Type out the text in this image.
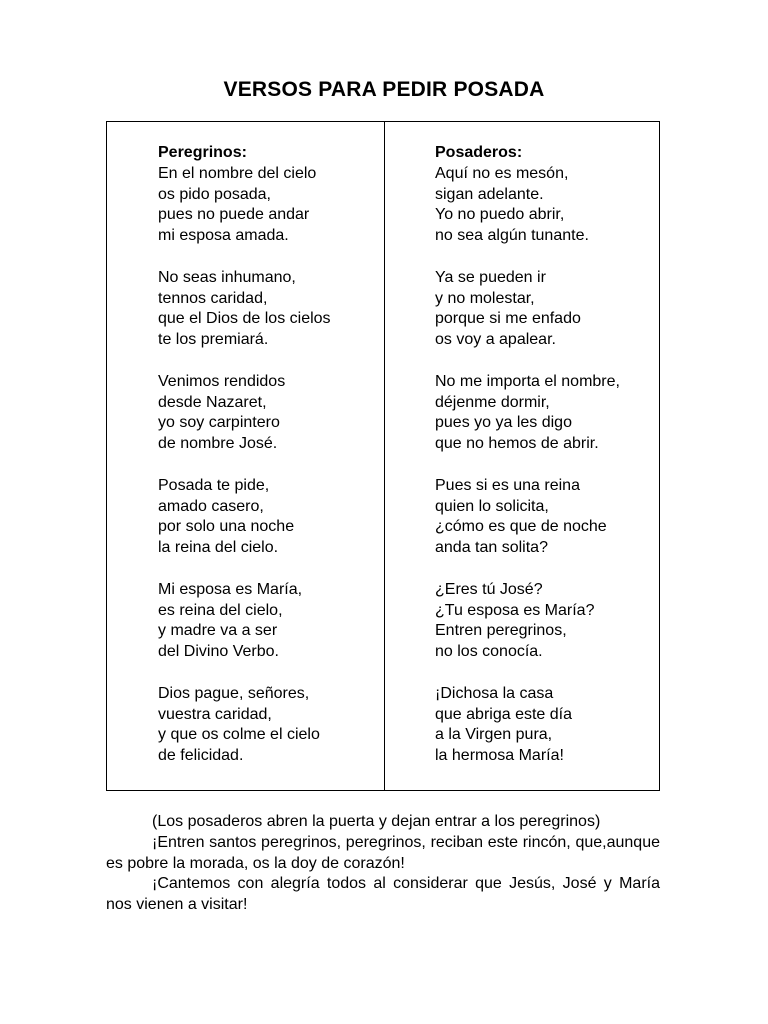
VERSOS PARA PEDIR POSADA
Peregrinos:
En el nombre del cielo
os pido posada,
pues no puede andar
mi esposa amada.
No seas inhumano,
tennos caridad,
que el Dios de los cielos
te los premiará.
Venimos rendidos
desde Nazaret,
yo soy carpintero
de nombre José.
Posada te pide,
amado casero,
por solo una noche
la reina del cielo.
Mi esposa es María,
es reina del cielo,
y madre va a ser
del Divino Verbo.
Dios pague, señores,
vuestra caridad,
y que os colme el cielo
de felicidad.
Posaderos:
Aquí no es mesón,
sigan adelante.
Yo no puedo abrir,
no sea algún tunante.
Ya se pueden ir
y no molestar,
porque si me enfado
os voy a apalear.
No me importa el nombre,
déjenme dormir,
pues yo ya les digo
que no hemos de abrir.
Pues si es una reina
quien lo solicita,
¿cómo es que de noche
anda tan solita?
¿Eres tú José?
¿Tu esposa es María?
Entren peregrinos,
no los conocía.
¡Dichosa la casa
que abriga este día
a la Virgen pura,
la hermosa María!

(Los posaderos abren la puerta y dejan entrar a los peregrinos)

¡Entren santos peregrinos, peregrinos, reciban este rincón, que,aunque es pobre la morada, os la doy de corazón!

¡Cantemos con alegría todos al considerar que Jesús, José y María nos vienen a visitar!
